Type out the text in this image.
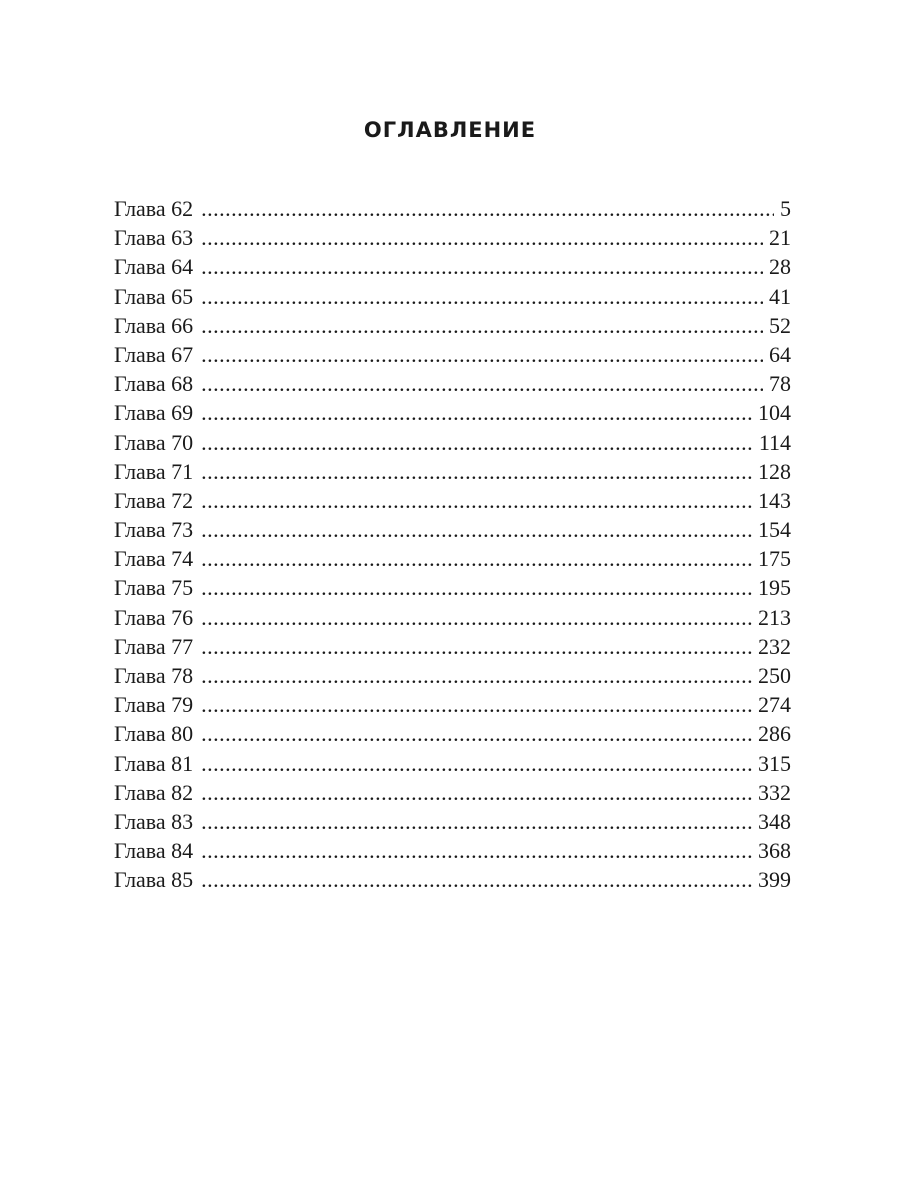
ОГЛАВЛЕНИЕ
Глава 62 .....	5
Глава 63 .....	21
Глава 64 .....	28
Глава 65 .....	41
Глава 66 .....	52
Глава 67 .....	64
Глава 68 .....	78
Глава 69 .....	104
Глава 70 .....	114
Глава 71 .....	128
Глава 72 .....	143
Глава 73 .....	154
Глава 74 .....	175
Глава 75 .....	195
Глава 76 .....	213
Глава 77 .....	232
Глава 78 .....	250
Глава 79 .....	274
Глава 80 .....	286
Глава 81 .....	315
Глава 82 .....	332
Глава 83 .....	348
Глава 84 .....	368
Глава 85 .....	399
